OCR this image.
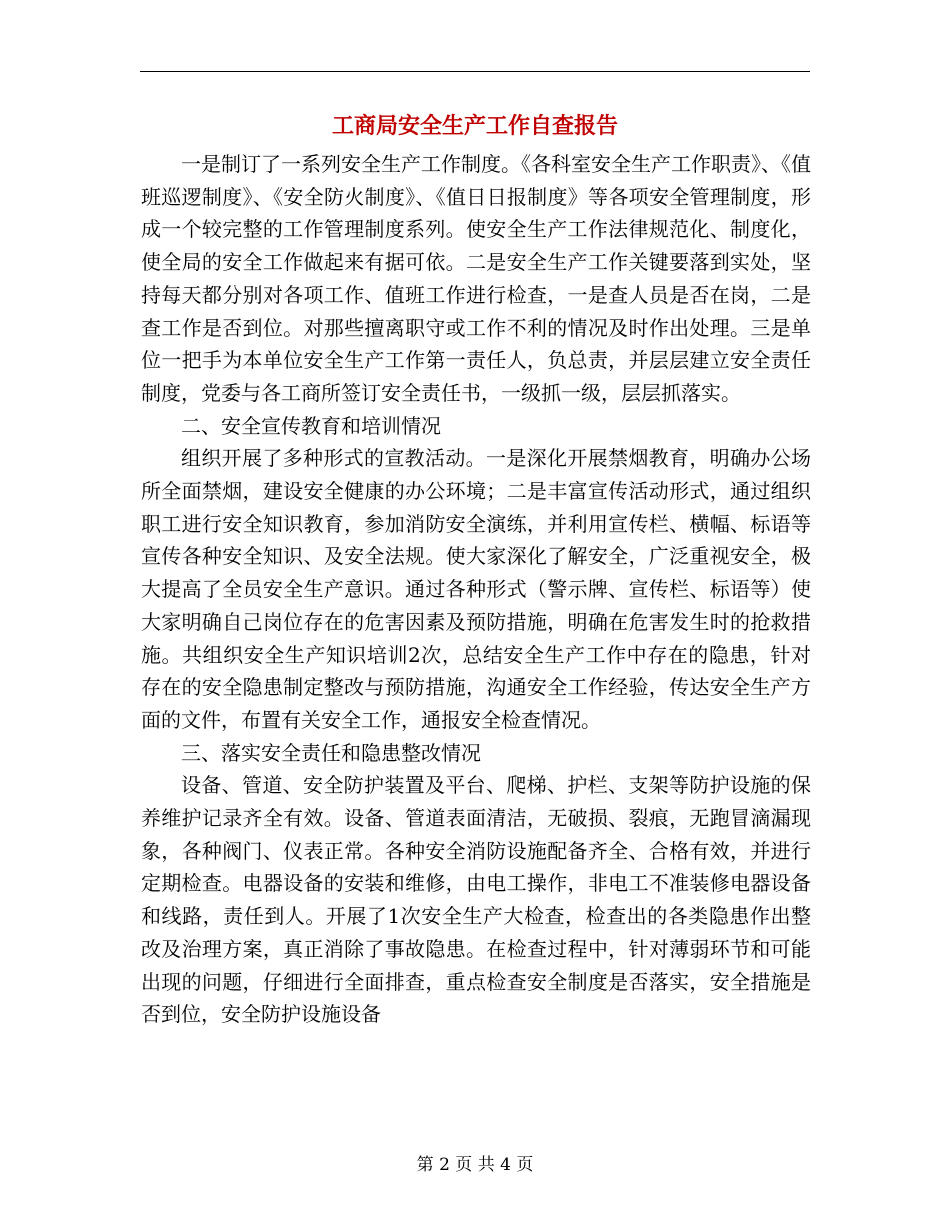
工商局安全生产工作自查报告

一是制订了一系列安全生产工作制度。《各科室安全生产工作职责》、《值班巡逻制度》、《安全防火制度》、《值日日报制度》等各项安全管理制度，形成一个较完整的工作管理制度系列。使安全生产工作法律规范化、制度化，使全局的安全工作做起来有据可依。二是安全生产工作关键要落到实处，坚持每天都分别对各项工作、值班工作进行检查，一是查人员是否在岗，二是查工作是否到位。对那些擅离职守或工作不利的情况及时作出处理。三是单位一把手为本单位安全生产工作第一责任人，负总责，并层层建立安全责任制度，党委与各工商所签订安全责任书，一级抓一级，层层抓落实。

二、安全宣传教育和培训情况

组织开展了多种形式的宣教活动。一是深化开展禁烟教育，明确办公场所全面禁烟，建设安全健康的办公环境；二是丰富宣传活动形式，通过组织职工进行安全知识教育，参加消防安全演练，并利用宣传栏、横幅、标语等宣传各种安全知识、及安全法规。使大家深化了解安全，广泛重视安全，极大提高了全员安全生产意识。通过各种形式（警示牌、宣传栏、标语等）使大家明确自己岗位存在的危害因素及预防措施，明确在危害发生时的抢救措施。共组织安全生产知识培训2次，总结安全生产工作中存在的隐患，针对存在的安全隐患制定整改与预防措施，沟通安全工作经验，传达安全生产方面的文件，布置有关安全工作，通报安全检查情况。

三、落实安全责任和隐患整改情况

设备、管道、安全防护装置及平台、爬梯、护栏、支架等防护设施的保养维护记录齐全有效。设备、管道表面清洁，无破损、裂痕，无跑冒滴漏现象，各种阀门、仪表正常。各种安全消防设施配备齐全、合格有效，并进行定期检查。电器设备的安装和维修，由电工操作，非电工不准装修电器设备和线路，责任到人。开展了1次安全生产大检查，检查出的各类隐患作出整改及治理方案，真正消除了事故隐患。在检查过程中，针对薄弱环节和可能出现的问题，仔细进行全面排查，重点检查安全制度是否落实，安全措施是否到位，安全防护设施设备

第 2 页 共 4 页
